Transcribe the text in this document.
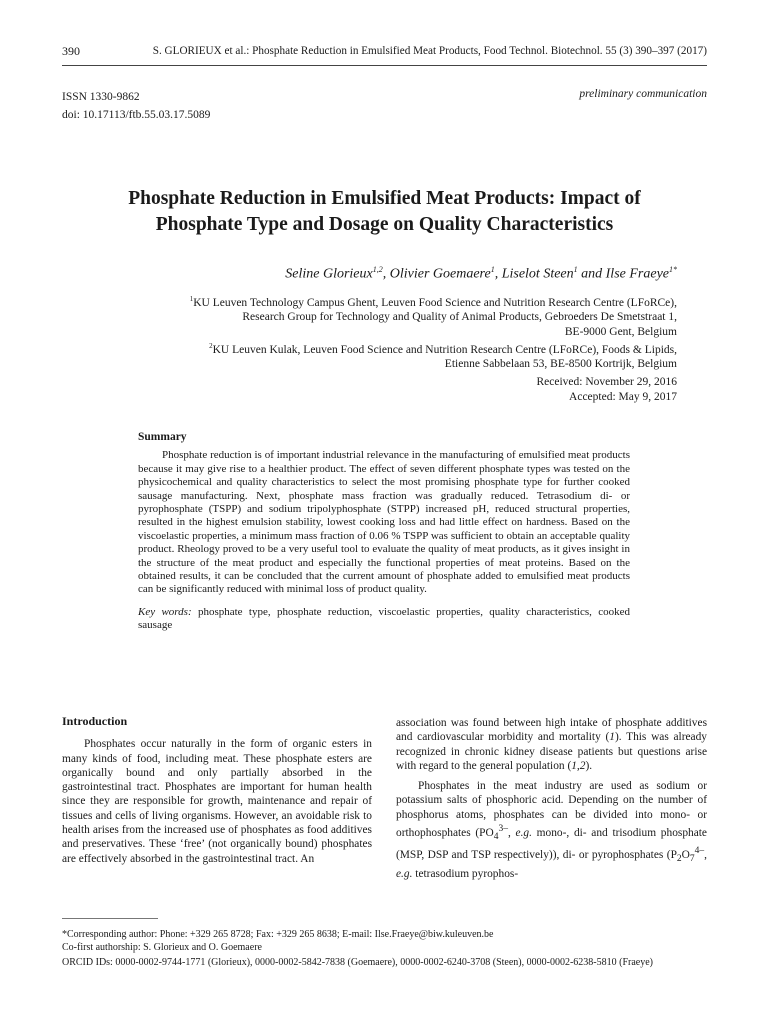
390	S. GLORIEUX et al.: Phosphate Reduction in Emulsified Meat Products, Food Technol. Biotechnol. 55 (3) 390–397 (2017)
ISSN 1330-9862
doi: 10.17113/ftb.55.03.17.5089
preliminary communication
Phosphate Reduction in Emulsified Meat Products: Impact of
Phosphate Type and Dosage on Quality Characteristics
Seline Glorieux$^{1,2}$, Olivier Goemaere$^1$, Liselot Steen$^1$ and Ilse Fraeye$^{1*}$
$^1$KU Leuven Technology Campus Ghent, Leuven Food Science and Nutrition Research Centre (LFoRCe),
Research Group for Technology and Quality of Animal Products, Gebroeders De Smetstraat 1,
BE-9000 Gent, Belgium
$^2$KU Leuven Kulak, Leuven Food Science and Nutrition Research Centre (LFoRCe), Foods & Lipids,
Etienne Sabbelaan 53, BE-8500 Kortrijk, Belgium
Received: November 29, 2016
Accepted: May 9, 2017
Summary

Phosphate reduction is of important industrial relevance in the manufacturing of emulsified meat products because it may give rise to a healthier product. The effect of seven different phosphate types was tested on the physicochemical and quality characteristics to select the most promising phosphate type for further cooked sausage manufacturing. Next, phosphate mass fraction was gradually reduced. Tetrasodium di- or pyrophosphate (TSPP) and sodium tripolyphosphate (STPP) increased pH, reduced structural properties, resulted in the highest emulsion stability, lowest cooking loss and had little effect on hardness. Based on the viscoelastic properties, a minimum mass fraction of 0.06 % TSPP was sufficient to obtain an acceptable quality product. Rheology proved to be a very useful tool to evaluate the quality of meat products, as it gives insight in the structure of the meat product and especially the functional properties of meat proteins. Based on the obtained results, it can be concluded that the current amount of phosphate added to emulsified meat products can be significantly reduced with minimal loss of product quality.

Key words: phosphate type, phosphate reduction, viscoelastic properties, quality characteristics, cooked sausage

Introduction

Phosphates occur naturally in the form of organic esters in many kinds of food, including meat. These phosphate esters are organically bound and only partially absorbed in the gastrointestinal tract. Phosphates are important for human health since they are responsible for growth, maintenance and repair of tissues and cells of living organisms. However, an avoidable risk to health arises from the increased use of phosphates as food additives and preservatives. These ‘free’ (not organically bound) phosphates are effectively absorbed in the gastrointestinal tract. An

association was found between high intake of phosphate additives and cardiovascular morbidity and mortality (1). This was already recognized in chronic kidney disease patients but questions arise with regard to the general population (1,2).

Phosphates in the meat industry are used as sodium or potassium salts of phosphoric acid. Depending on the number of phosphorus atoms, phosphates can be divided into mono- or orthophosphates ($PO_4^{3-}$, e.g. mono-, di- and trisodium phosphate (MSP, DSP and TSP respectively)), di- or pyrophosphates ($P_2O_7^{4-}$, e.g. tetrasodium pyrophos-

*Corresponding author: Phone: +329 265 8728; Fax: +329 265 8638; E-mail: Ilse.Fraeye@biw.kuleuven.be
Co-first authorship: S. Glorieux and O. Goemaere
ORCID IDs: 0000-0002-9744-1771 (Glorieux), 0000-0002-5842-7838 (Goemaere), 0000-0002-6240-3708 (Steen), 0000-0002-6238-5810 (Fraeye)
